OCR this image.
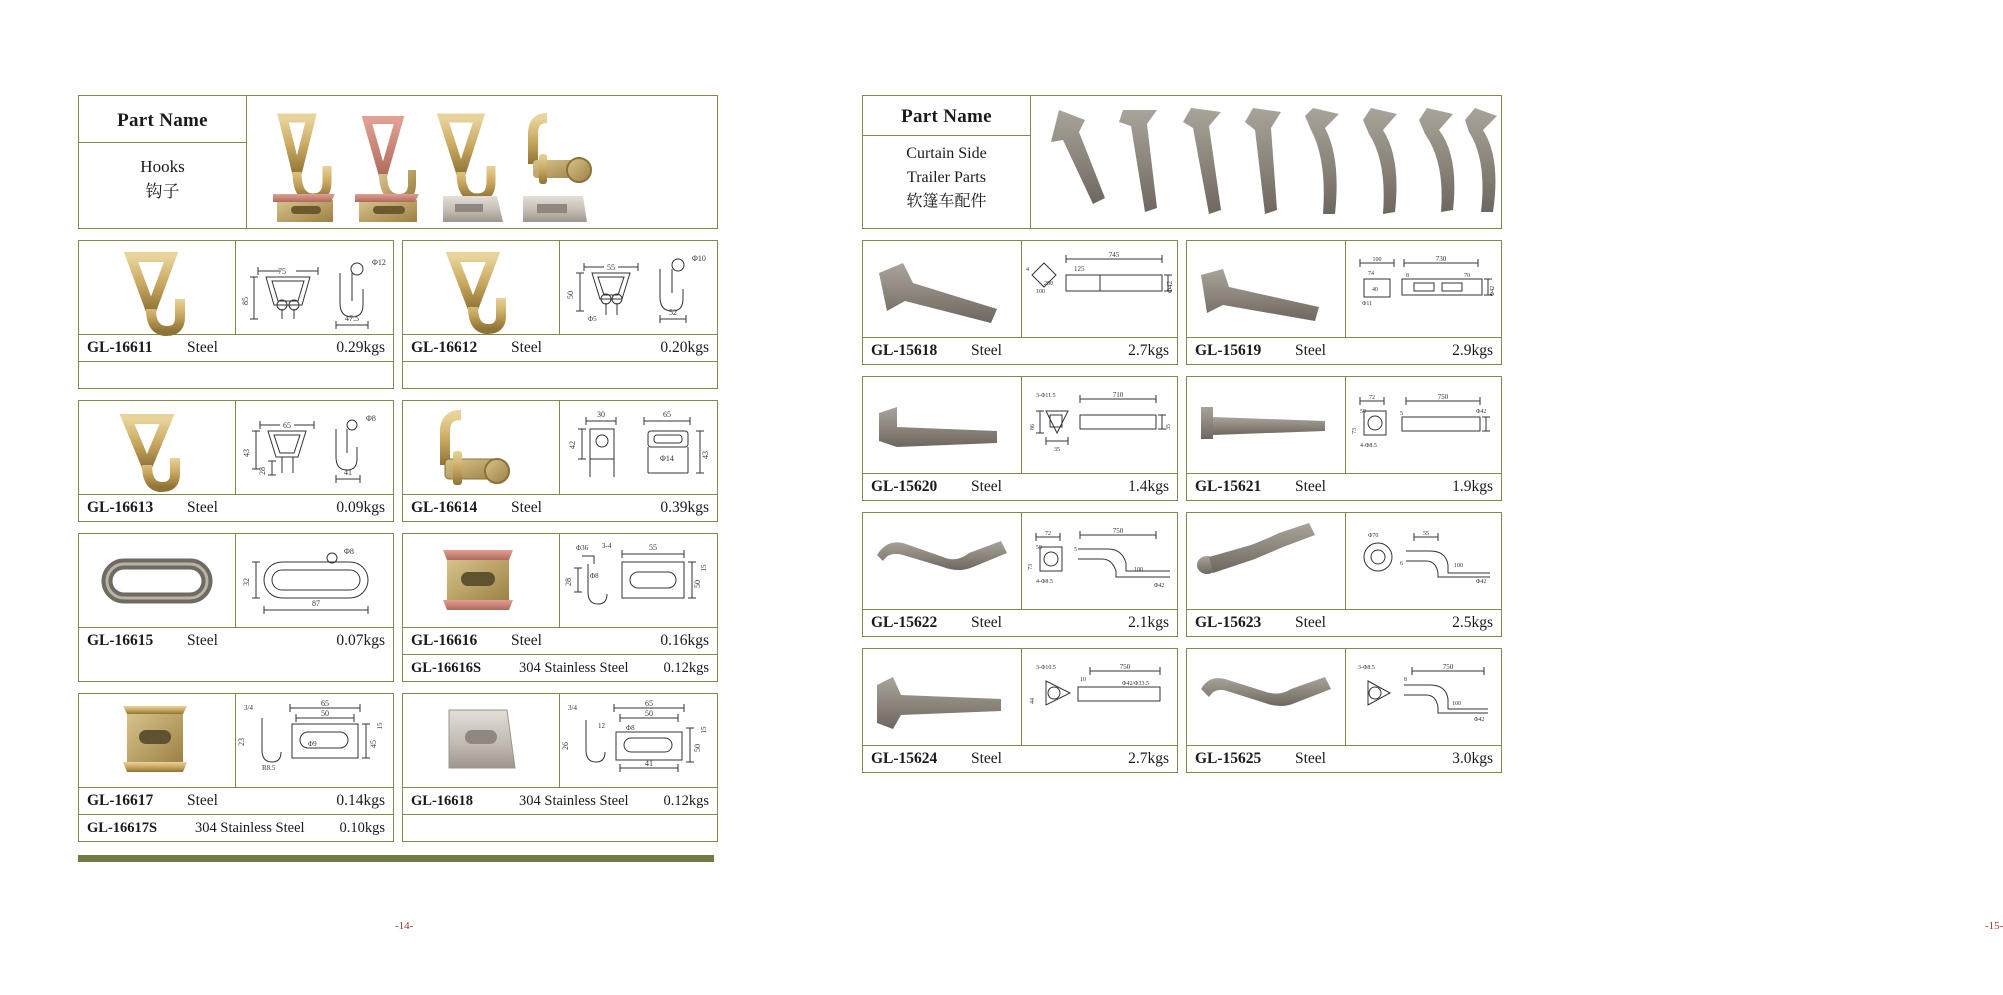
Part Name
Hooks
钩子
75
85
Φ12
47.5
GL-16611	Steel	0.29kgs
55
50
Φ5
Φ10
52
GL-16612	Steel	0.20kgs
65
43
28
Φ8
41
GL-16613	Steel	0.09kgs
30
42
65
Φ14	43
GL-16614	Steel	0.39kgs
Φ8
32
87
GL-16615	Steel	0.07kgs
Φ36 3-4
Φ8
28
55
50
15
GL-16616	Steel	0.16kgs
GL-16616S	304 Stainless Steel	0.12kgs
3/4
23
R8.5
65
50
Φ9	45
15
GL-16617	Steel	0.14kgs
GL-16617S	304 Stainless Steel	0.10kgs
3/4
26
12
65
50
Φ8
41
50
15
GL-16618	304 Stainless Steel	0.12kgs
-14-
Part Name
Curtain Side
Trailer Parts
软篷车配件
4
100
200
745
125
Φ42
GL-15618	Steel	2.7kgs
100
74
40
Φ11
730
8	70
Φ42
GL-15619	Steel	2.9kgs
3-Φ11.5
86
35
710
35
GL-15620	Steel	1.4kgs
72
50
73
4-Φ8.5
750
5	Φ42
GL-15621	Steel	1.9kgs
72
50
73
4-Φ8.5
750
5
100
Φ42
GL-15622	Steel	2.1kgs
Φ70	55
6	100
Φ42
GL-15623	Steel	2.5kgs
3-Φ10.5
44
750
10
Φ42/Φ33.5
GL-15624	Steel	2.7kgs
3-Φ8.5	750
8
100
Φ42
GL-15625	Steel	3.0kgs
-15-
